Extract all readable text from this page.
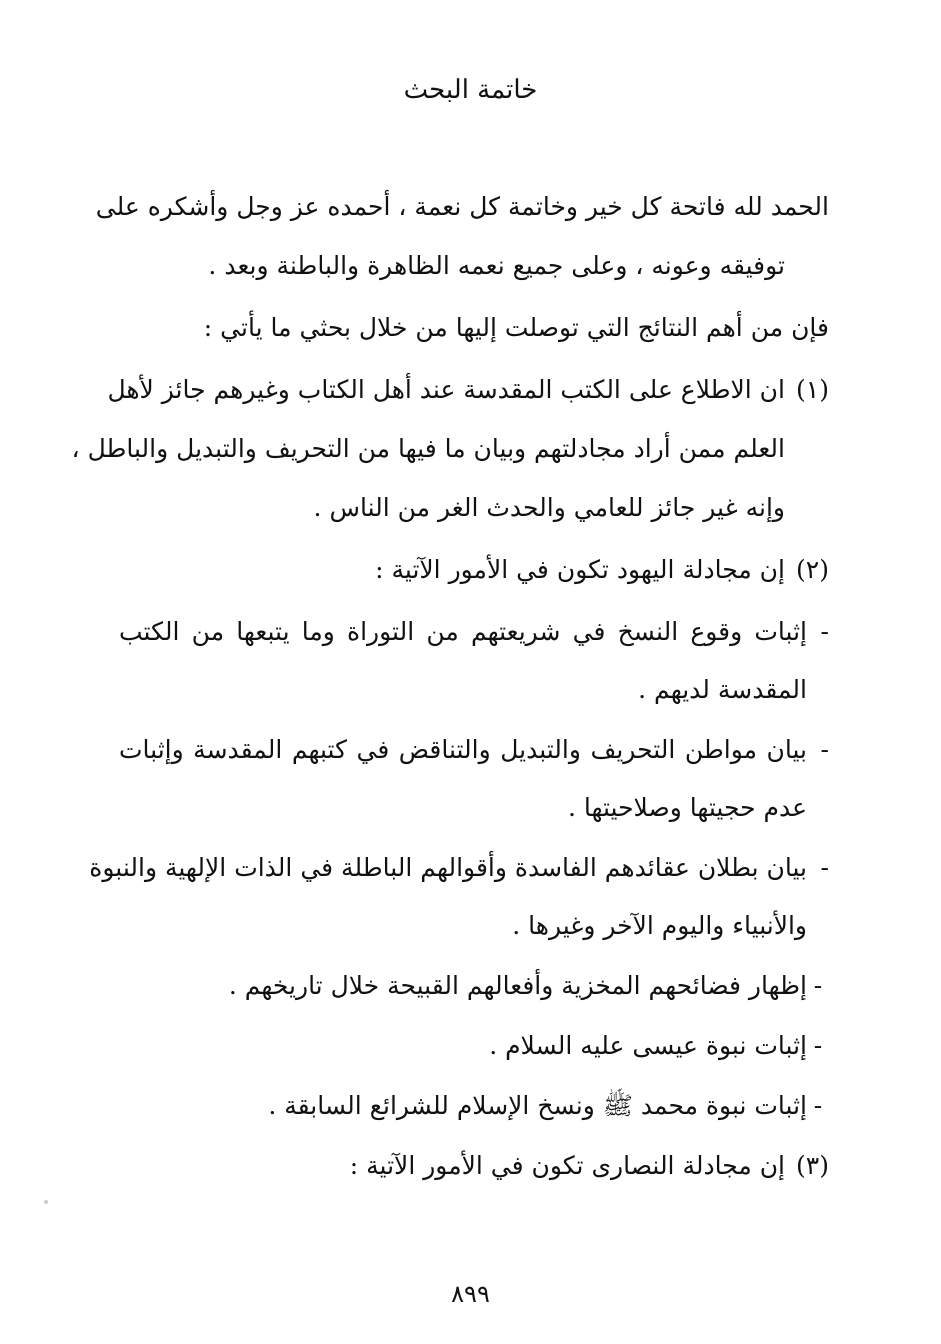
خاتمة البحث

الحمد لله فاتحة كل خير وخاتمة كل نعمة ، أحمده عز وجل وأشكره على

توفيقه وعونه ، وعلى جميع نعمه الظاهرة والباطنة وبعد .

فإن من أهم النتائج التي توصلت إليها من خلال بحثي ما يأتي :

(١)ان الاطلاع على الكتب المقدسة عند أهل الكتاب وغيرهم جائز لأهل

العلم ممن أراد مجادلتهم وبيان ما فيها من التحريف والتبديل والباطل ،

وإنه غير جائز للعامي والحدث الغر من الناس .

(٢)إن مجادلة اليهود تكون في الأمور الآتية :

-إثبات وقوع النسخ في شريعتهم من التوراة وما يتبعها من الكتب

المقدسة لديهم .

-بيان مواطن التحريف والتبديل والتناقض في كتبهم المقدسة وإثبات

عدم حجيتها وصلاحيتها .

-بيان بطلان عقائدهم الفاسدة وأقوالهم الباطلة في الذات الإلهية والنبوة

والأنبياء واليوم الآخر وغيرها .

-إظهار فضائحهم المخزية وأفعالهم القبيحة خلال تاريخهم .

-إثبات نبوة عيسى عليه السلام .

-إثبات نبوة محمد ﷺ ونسخ الإسلام للشرائع السابقة .

(٣)إن مجادلة النصارى تكون في الأمور الآتية :

٨٩٩
